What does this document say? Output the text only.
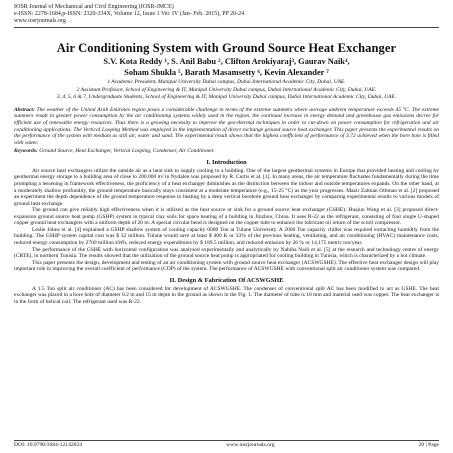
IOSR Journal of Mechanical and Civil Engineering (IOSR-JMCE)
e-ISSN: 2278-1684,p-ISSN: 2320-334X, Volume 12, Issue 1 Ver. IV (Jan- Feb. 2015), PP 20-24
www.iosrjournals.org
Air Conditioning System with Ground Source Heat Exchanger
S.V. Kota Reddy ¹, S. Anil Babu ², Clifton Arokiyaraj³, Gaurav Naik⁴,
Soham Shukla ⁵, Barath Masamsetty ⁶, Kevin Alexander ⁷
1 Academic President, Manipal University Dubai campus, Dubai International Academic City, Dubai, UAE.
2 Assistant Professor, School of Engineering & IT, Manipal University Dubai campus, Dubai International Academic City, Dubai, UAE.
3, 4, 5, 6 & 7, Undergraduate Students, School of Engineering & IT, Manipal University Dubai campus, Dubai International Academic City, Dubai, UAE.
Abstract: The weather of the United Arab Emirates region poses a considerable challenge in terms of the extreme summers where average ambient temperature exceeds 45 °C. The extreme summers result in greater power consumption by the air conditioning systems widely used in the region, the continual increase in energy demand and greenhouse gas emissions decree for efficient use of renewable energy resources. Thus there is a growing necessity to improve the geo-thermal techniques in order to cut-down on power consumption for refrigeration and air conditioning applications. The Vertical Looping Method was employed in the implementation of direct exchange ground source heat exchanger. This paper presents the experimental results on the performance of the system with medium as still air, water and sand. The experimental result shows that the highest coefficient of performance of 3.72 achieved when the bore hole is filled with water.
Keywords: Ground Source, Heat Exchanger, Vertical Looping, Condenser, Air Conditioner.
I. Introduction

Air source heat exchangers utilize the outside air as a heat sink to supply cooling to a building. One of the largest geothermal systems in Europe that provided heating and cooling by geothermal energy storage to a building area of close to 200.000 m² in Nydalen was proposed by R. Curtis et al. [1]. In many areas, the air temperature fluctuates fundamentally during the time prompting a lessening in framework effectiveness, the proficiency of a heat exchanger diminishes as the distinction between the indoor and outside temperatures expands. On the other hand, at a moderately shallow profundity, the ground temperature basically stays consistent at a moderate temperature (e.g., 15-25 °C) as the year progresses. Mazir Zaltnan Othman et al. [2] proposed an experiment the depth dependence of the ground temperature response to heating by a deep vertical borehole ground heat exchanger by comparing experimental results to various models of ground heat exchange.

The ground can give reliably high effectiveness when it is utilized as the heat source or sink for a ground source heat exchanger (GSHE). Huajun Wang et al. [3] proposed direct-expansion ground source heat pump (GSHP) system in typical clay soils for space heating of a building in Jinzhou, China. It uses R-22 as the refrigerant, consisting of four single U-shaped copper ground heat exchangers with a uniform depth of 20 m. A special circular bend is designed on the copper tube to enhance the lubricant oil return of the scroll compressor.

Leslie Johns et al. [4] explained a GSHP shallow system of cooling capacity 6000 Ton at Tulane University. A 2000 Ton capacity chiller was required extracting humidity from the building. The GSHP system capital cost was $ 32 million. Tulane would save at least $ 400 K or 33% of the previous heating, ventilating, and air conditioning (HVAC) maintenance costs, reduced energy consumption by 2700 million kWh, reduced energy expenditures by $ 189.5 million, and reduced emission by 26 % or 14,175 metric ton/year.

The performance of the GSHE with horizontal configuration was analysed experimentally and analytically by Nabiha Naili et al. [5] at the research and technology centre of energy (CRTE), in northern Tunisia. The results showed that the utilization of the ground source heat pump is appropriated for cooling building in Tunisia, which is characterized by a hot climate.

This paper presents the design, development and testing of an air conditioning system with ground source heat exchanger (ACSWGSHE). The effective heat exchanger design will play important role in improving the overall coefficient of performance (COP) of the system. The performance of ACSWGSHE with conventional split air conditioner system was compared.

II. Design & Fabrication Of ACSWGSHE

A 1.5 Ton split air conditioner (AC) has been considered for development of ACSWGSHE. The condenser of conventional split AC has been modified to act as GSHE. The heat exchanger was placed in a bore hole of diameter 0.2 m and 15 m depth in the ground as shown in the Fig. 1. The diameter of tube is 10 mm and material used was copper. The heat exchanger is in the form of helical coil. The refrigerant used was R-22.

DOI: 10.9790/1684-12142024	www.iosrjournals.org	20 | Page
